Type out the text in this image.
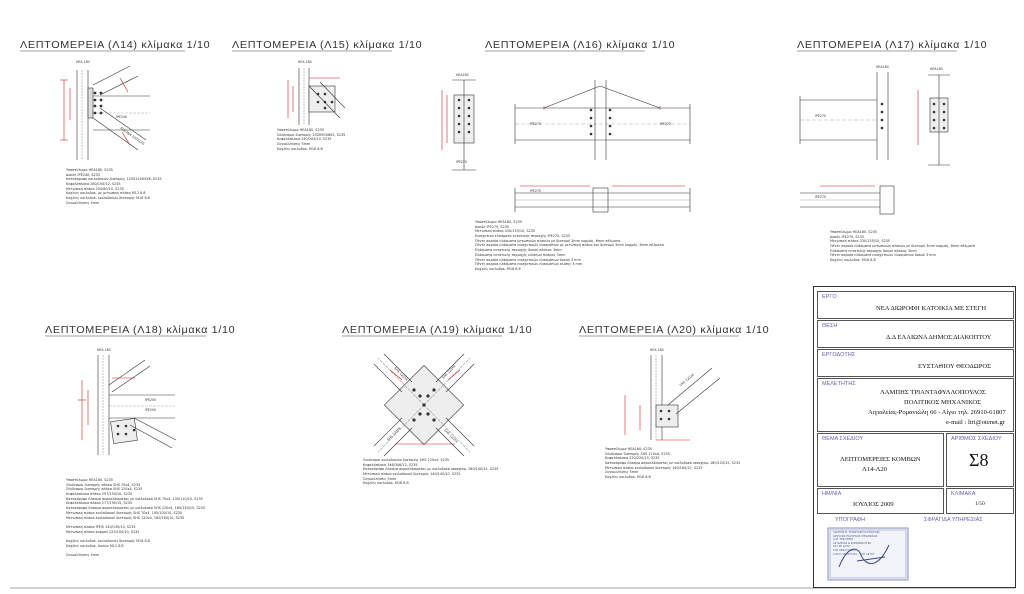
ΛΕΠΤΟΜΕΡΕΙΑ (Λ14) κλίμακα 1/10 ΛΕΠΤΟΜΕΡΕΙΑ (Λ15) κλίμακα 1/10	ΛΕΠΤΟΜΕΡΕΙΑ (Λ16) κλίμακα 1/10	ΛΕΠΤΟΜΕΡΕΙΑ (Λ17) κλίμακα 1/10
ΛΕΠΤΟΜΕΡΕΙΑ (Λ18) κλίμακα 1/10	ΛΕΠΤΟΜΕΡΕΙΑ (Λ19) κλίμακα 1/10	ΛΕΠΤΟΜΕΡΕΙΑ (Λ20) κλίμακα 1/10
ΗΕΑ 180
IPE240
KOLONA 120X120
ΗΕΑ 180
HEA160
IPE270	IPE270
IPE270
IPE270
ΗΕΑ160	ΗΕΑ160
IPE270
IPE270
ΗΕΑ 180
IPE200
IPE200
SHS 120X4	SHS 120X4
SHS 120X4	SHS 120X4
ΗΕΑ 160
SHS 120X4
Υποστύλωμα HEA180, S235
Δοκός IPE240, S235
Κατακόρυφο κοιλοδοκών διατομής 120Χ120Χ5Χ6, S235
Κεφαλόπλακα 280/150/12, S235
Μετωπική πλάκα 250/80/10, S235
Κοχλίες κοιλοδοκ. με μετωπική πλάκα Μ12 8.8
Κοχλίες κοιλοδοκ. κοιλοδοκών διατομής Μ16 8.8
Συγκολλήσεις 5mm
Υποστύλωμα HEA180, S235
Σύνδεσμοι διατομής 250Χ90Χ6Χ5, S235
Κεφαλόπλακα 240/205/10, S235
Συγκολλήσεις 5mm
Κοχλίες κοιλοδοκ. M16 8.8
Υποστύλωμα HEA160, S235
Δοκός IPE270, S235
Μετωπική πλάκα 430/135/10, S235
Ενισχυτικά ελάσματα εντατικής περιοχής IPE270, S235
Πέντε ακραία ελάσματα μετωπικών πλακών με διατομή 3mm κορμός, 6mm πέλματα
Πέντε ακραία ελάσματα ενισχυτικών ελασμάτων με μετωπική πλάκα και διατομή 3mm κορμός, 6mm πέλματα
Ελάσματα εντατικής περιοχής δοκού πλάκας 3mm
Ελάσματα εντατικής περιοχής κλίσεων πλάκας 3mm
Πέντε ακραία ελάσματα ενισχυτικών ελασμάτων δοκού 3 mm
Πέντε ακραία ελάσματα ενισχυτικών ελασμάτων κλίσης 3 mm
Κοχλίες κοιλοδοκ. Μ16 8.8
Υποστύλωμα HEA160, S235
Δοκός IPE270, S235
Μετωπική πλάκα 330/135/10, S235
Πέντε ακραία ελάσματα μετωπικών πλακών με διατομή 3mm κορμός, 6mm πέλματα
Ελάσματα εντατικής περιοχής δοκού πλάκας 3mm
Πέντε ακραία ελάσματα ενισχυτικών ελασμάτων δοκού 3 mm
Κοχλίες κοιλοδοκ. Μ16 8.8
Υποστύλωμα HEA180, S235
Σύνδεσμοι διατομής πλάκα SHS 70x4, S235
Σύνδεσμοι διατομής πλάκα SHS 120x4, S235
Κεφαλόπλακα πλάκα 297/150/10, S235
Κατακόρυφο έλασμα ακροελάσματος με κοιλοδοκό SHS 70x4, 130/110/10, S235
Κεφαλόπλακα πλάκα 277/190/15, S235
Κατακόρυφο έλασμα ακροελάσματος με κοιλοδοκό SHS 120x4, 160/130/15, S235
Μετωπική πλάκα κοιλοδοκού διατομής SHS 70x4, 100/100/10, S235
Μετωπική πλάκα κοιλοδοκού διατομής SHS 120x4, 160/160/10, S235
Μετωπική πλάκα IPE/h 240/130/10, S235
Μετωπική πλάκα κορμού 225/100/10, S235
Κοχλίες κοιλοδοκ. κοιλοδοκών διατομής Μ16 8.8
Κοχλίες κοιλοδοκ. δοκών M12 8.8
Συγκολλήσεις 5mm
Συνδεσμοί κοιλοδοκών διατομής SHS 120x4, S235
Κεφαλόπλακα 346/346/12, S235
Κατακόρυφο έλασμα ακροελάσματος με κοιλοδοκό ισοσχισμ. 180/140/15, S235
Μετωπική πλάκα κοιλοδοκού διατομής 140/140/10, S235
Συγκολλήσεις 5mm
Κοχλίες κοιλοδοκ. Μ16 8.8
Υποστύλωμα HEA160, S235
Σύνδεσμοι διατομής SHS 120x4, S235
Κεφαλόπλακα 220/220/15, S235
Κατακόρυφο έλασμα ακροελάσματος με κοιλοδοκό ισοσχισμ. 160/120/15, S235
Μετωπική πλάκα κοιλοδοκού διατομής 160/160/12, S235
Συγκολλήσεις 5mm
Κοχλίες κοιλοδοκ. Μ16 8.8
ΕΡΓΟ
ΝΕΑ ΔΙΩΡΟΦΗ ΚΑΤΟΙΚΙΑ ΜΕ ΣΤΕΓΗ
ΘΕΣΗ
Δ.Δ ΕΛΑΙΩΝΑ ΔΗΜΟΣ ΔΙΑΚΟΠΤΟΥ
ΕΡΓΟΔΟΤΗΣ
ΕΥΣΤΑΘΙΟΥ ΘΕΟΔΩΡΟΣ
ΜΕΛΕΤΗΤΗΣ
ΛΑΜΠΗΣ ΤΡΙΑΝΤΑΦΥΛΛΟΠΟΥΛΟΣ
ΠΟΛΙΤΙΚΟΣ ΜΗΧΑΝΙΚΟΣ
Αιγιαλείας-Ρομανιώλη 66 - Αίγιο τηλ. 26910-61807
e-mail : ltri@otenet.gr
ΘΕΜΑ ΣΧΕΔΙΟΥ
ΛΕΠΤΟΜΕΡΕΙΕΣ ΚΟΜΒΩΝ
Λ14-Λ20
ΑΡΙΘΜΟΣ ΣΧΕΔΙΟΥ
Σ8
ΗΜ/ΝΙΑ
ΙΟΥΛΙΟΣ 2009
ΚΛΙΜΑΚΑ
1/50
ΥΠΟΓΡΑΦΗ	ΣΦΡΑΓΙΔΑ ΥΠΗΡΕΣΙΑΣ
ΛΑΜΠΗΣ Β. ΤΡΙΑΝΤΑΦΥΛΛΟΠΟΥΛΟΣ
ΔΙΠΛ/ΧΟΣ ΠΟΛΙΤΙΚΟΣ ΜΗΧΑΝΙΚΟΣ
Α.Μ. ΤΕΕ 25587
ΑΙΓΙΑΛΕΙΑΣ & ΡΟΜΑΝΙΩΛΗ 66
251 00 ΑΙΓΙΟ
ΤΗΛ 26910 61807
Α.Φ.Μ. 065937101 - ΔΟΥ ΑΙΓΙΟΥ
